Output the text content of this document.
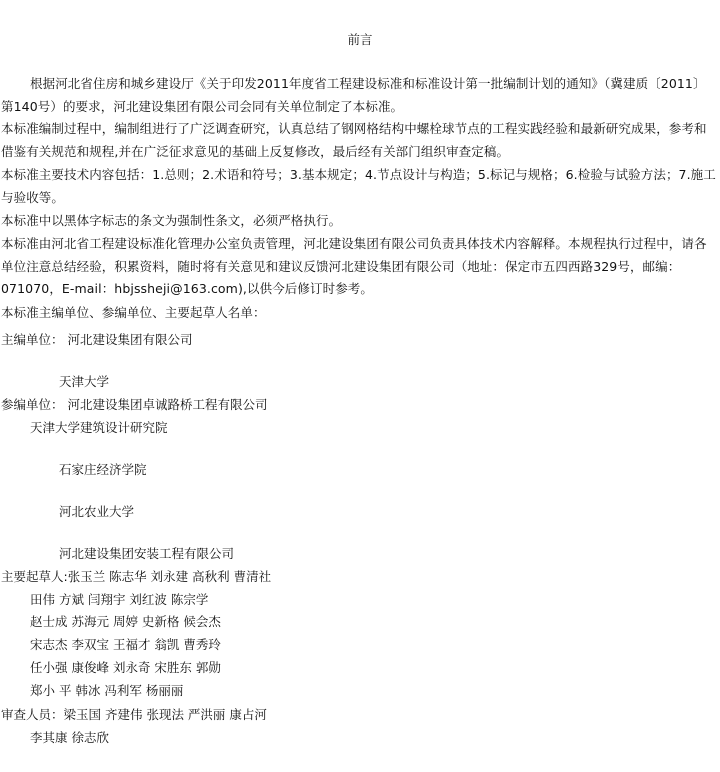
前言
根据河北省住房和城乡建设厅《关于印发2011年度省工程建设标准和标准设计第一批编制计划的通知》（冀建质〔2011〕第140号）的要求，河北建设集团有限公司会同有关单位制定了本标准。
本标准编制过程中，编制组进行了广泛调查研究，认真总结了钢网格结构中螺栓球节点的工程实践经验和最新研究成果，参考和借鉴有关规范和规程,并在广泛征求意见的基础上反复修改，最后经有关部门组织审查定稿。
本标准主要技术内容包括：1.总则；2.术语和符号；3.基本规定；4.节点设计与构造；5.标记与规格；6.检验与试验方法；7.施工与验收等。
本标准中以黑体字标志的条文为强制性条文，必须严格执行。
本标准由河北省工程建设标准化管理办公室负责管理，河北建设集团有限公司负责具体技术内容解释。本规程执行过程中，请各单位注意总结经验，积累资料，随时将有关意见和建议反馈河北建设集团有限公司（地址：保定市五四西路329号，邮编：071070，E-mail：hbjssheji@163.com),以供今后修订时参考。
本标准主编单位、参编单位、主要起草人名单：
主编单位： 河北建设集团有限公司
天津大学
参编单位： 河北建设集团卓诚路桥工程有限公司
天津大学建筑设计研究院
石家庄经济学院
河北农业大学
河北建设集团安装工程有限公司
主要起草人:张玉兰 陈志华 刘永建 高秋利 曹清社
田伟 方斌 闫翔宇 刘红波 陈宗学
赵士成 苏海元 周婷 史新格 候会杰
宋志杰 李双宝 王福才 翁凯 曹秀玲
任小强 康俊峰 刘永奇 宋胜东 郭勋
郑小 平 韩冰 冯利军 杨丽丽
审查人员：梁玉国 齐建伟 张现法 严洪丽 康占河
李其康 徐志欣
